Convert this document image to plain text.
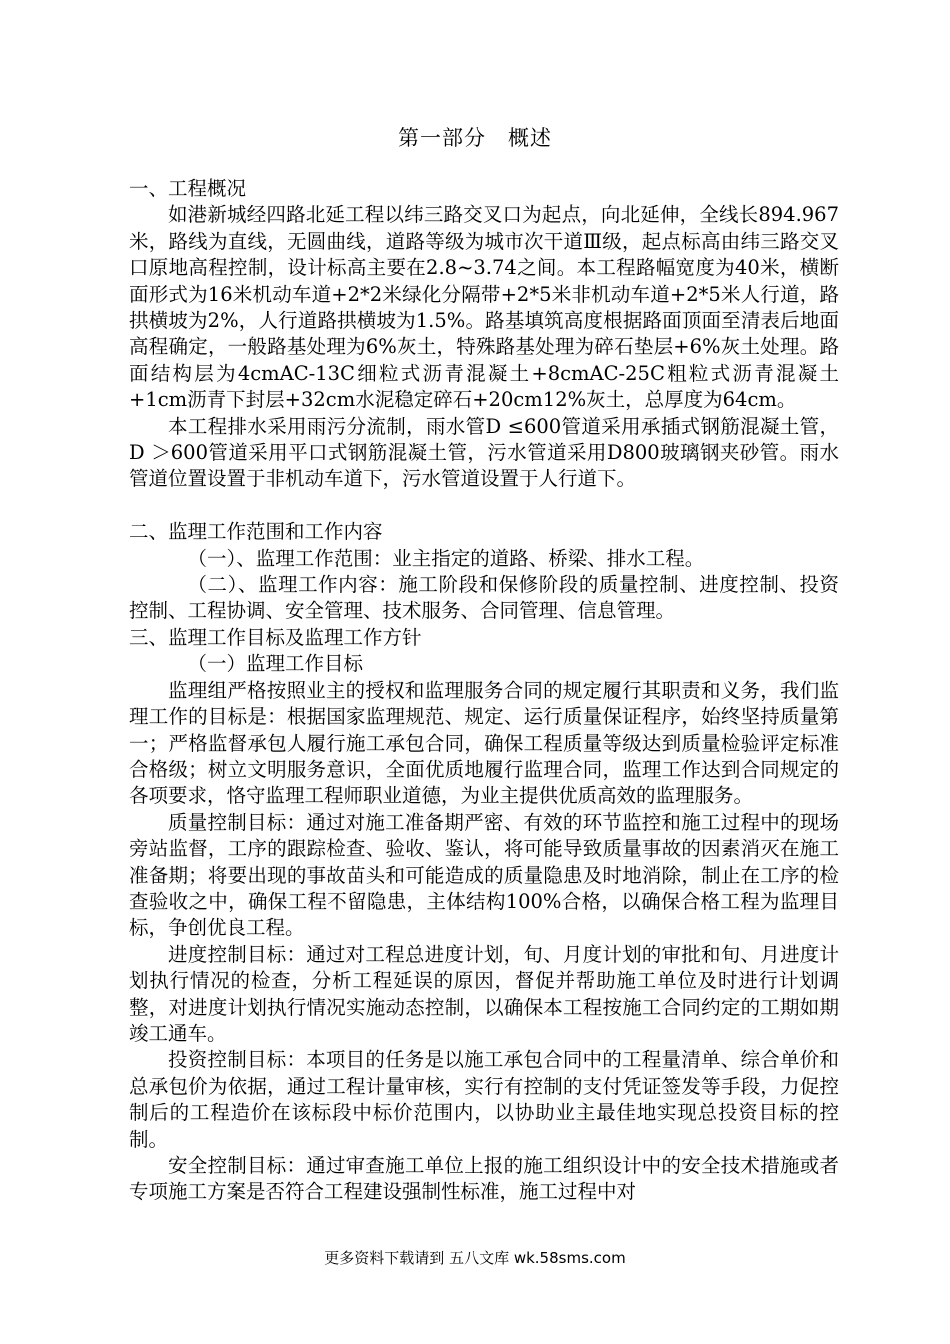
第一部分　概述

一、工程概况

如港新城经四路北延工程以纬三路交叉口为起点，向北延伸，全线长894.967米，路线为直线，无圆曲线，道路等级为城市次干道Ⅲ级，起点标高由纬三路交叉口原地高程控制，设计标高主要在2.8~3.74之间。本工程路幅宽度为40米，横断面形式为16米机动车道+2*2米绿化分隔带+2*5米非机动车道+2*5米人行道，路拱横坡为2%，人行道路拱横坡为1.5%。路基填筑高度根据路面顶面至清表后地面高程确定，一般路基处理为6%灰土，特殊路基处理为碎石垫层+6%灰土处理。路面结构层为4cmAC-13C细粒式沥青混凝土+8cmAC-25C粗粒式沥青混凝土+1cm沥青下封层+32cm水泥稳定碎石+20cm12%灰土，总厚度为64cm。

本工程排水采用雨污分流制，雨水管D ≤600管道采用承插式钢筋混凝土管，D ＞600管道采用平口式钢筋混凝土管，污水管道采用D800玻璃钢夹砂管。雨水管道位置设置于非机动车道下，污水管道设置于人行道下。

二、监理工作范围和工作内容

（一）、监理工作范围：业主指定的道路、桥梁、排水工程。

（二）、监理工作内容：施工阶段和保修阶段的质量控制、进度控制、投资控制、工程协调、安全管理、技术服务、合同管理、信息管理。

三、监理工作目标及监理工作方针

（一）监理工作目标

监理组严格按照业主的授权和监理服务合同的规定履行其职责和义务，我们监理工作的目标是：根据国家监理规范、规定、运行质量保证程序，始终坚持质量第一；严格监督承包人履行施工承包合同，确保工程质量等级达到质量检验评定标准合格级；树立文明服务意识，全面优质地履行监理合同，监理工作达到合同规定的各项要求，恪守监理工程师职业道德，为业主提供优质高效的监理服务。

质量控制目标：通过对施工准备期严密、有效的环节监控和施工过程中的现场旁站监督，工序的跟踪检查、验收、鉴认，将可能导致质量事故的因素消灭在施工准备期；将要出现的事故苗头和可能造成的质量隐患及时地消除，制止在工序的检查验收之中，确保工程不留隐患，主体结构100%合格，以确保合格工程为监理目标，争创优良工程。

进度控制目标：通过对工程总进度计划，旬、月度计划的审批和旬、月进度计划执行情况的检查，分析工程延误的原因，督促并帮助施工单位及时进行计划调整，对进度计划执行情况实施动态控制，以确保本工程按施工合同约定的工期如期竣工通车。

投资控制目标：本项目的任务是以施工承包合同中的工程量清单、综合单价和总承包价为依据，通过工程计量审核，实行有控制的支付凭证签发等手段，力促控制后的工程造价在该标段中标价范围内，以协助业主最佳地实现总投资目标的控制。

安全控制目标：通过审查施工单位上报的施工组织设计中的安全技术措施或者专项施工方案是否符合工程建设强制性标准，施工过程中对

更多资料下载请到 五八文库 wk.58sms.com
